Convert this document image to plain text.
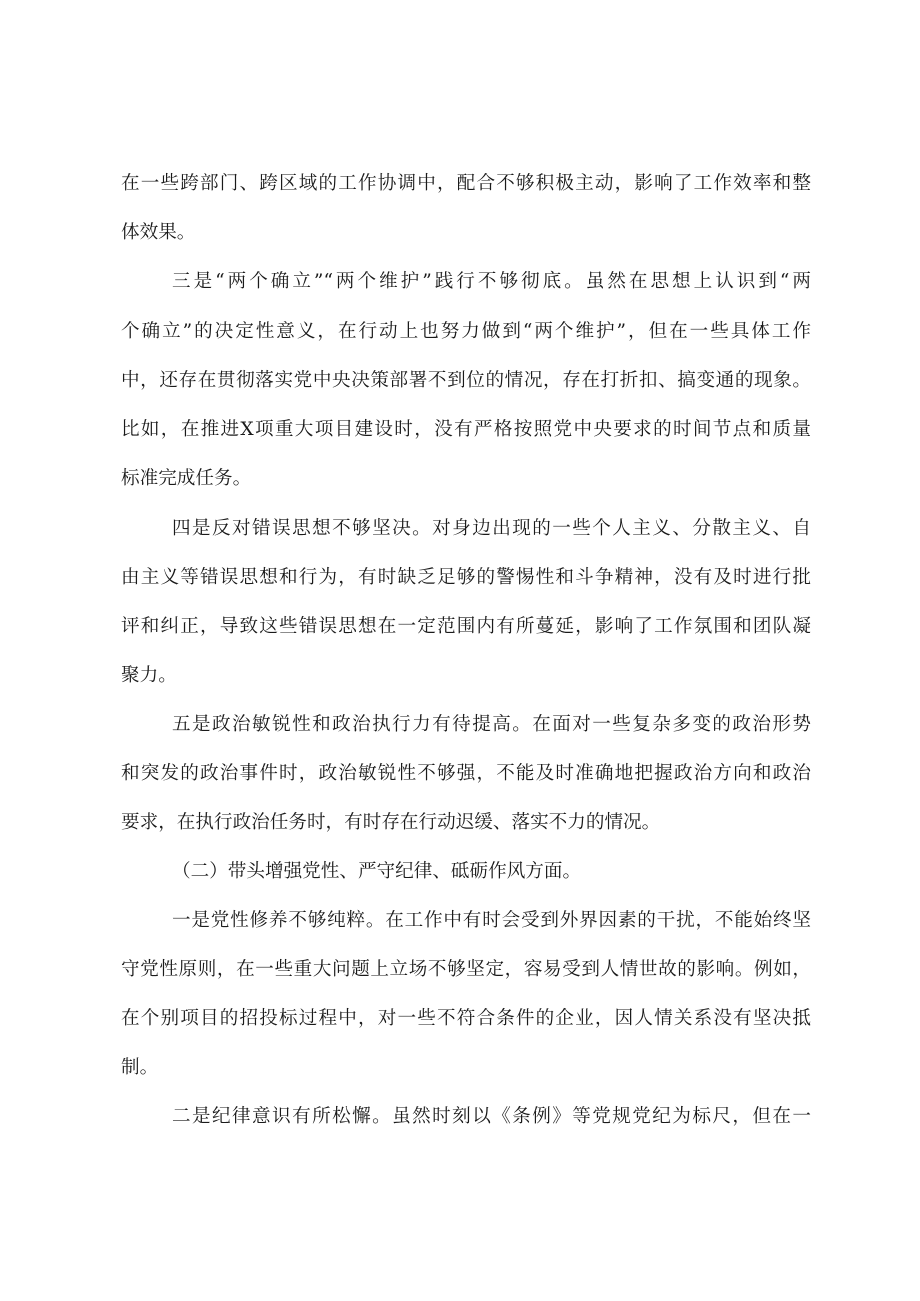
在一些跨部门、跨区域的工作协调中，配合不够积极主动，影响了工作效率和整
体效果。
三是“两个确立”“两个维护”践行不够彻底。虽然在思想上认识到“两
个确立”的决定性意义，在行动上也努力做到“两个维护”，但在一些具体工作
中，还存在贯彻落实党中央决策部署不到位的情况，存在打折扣、搞变通的现象。
比如，在推进X项重大项目建设时，没有严格按照党中央要求的时间节点和质量
标准完成任务。
四是反对错误思想不够坚决。对身边出现的一些个人主义、分散主义、自
由主义等错误思想和行为，有时缺乏足够的警惕性和斗争精神，没有及时进行批
评和纠正，导致这些错误思想在一定范围内有所蔓延，影响了工作氛围和团队凝
聚力。
五是政治敏锐性和政治执行力有待提高。在面对一些复杂多变的政治形势
和突发的政治事件时，政治敏锐性不够强，不能及时准确地把握政治方向和政治
要求，在执行政治任务时，有时存在行动迟缓、落实不力的情况。
（二）带头增强党性、严守纪律、砥砺作风方面。
一是党性修养不够纯粹。在工作中有时会受到外界因素的干扰，不能始终坚
守党性原则，在一些重大问题上立场不够坚定，容易受到人情世故的影响。例如，
在个别项目的招投标过程中，对一些不符合条件的企业，因人情关系没有坚决抵
制。
二是纪律意识有所松懈。虽然时刻以《条例》等党规党纪为标尺，但在一
